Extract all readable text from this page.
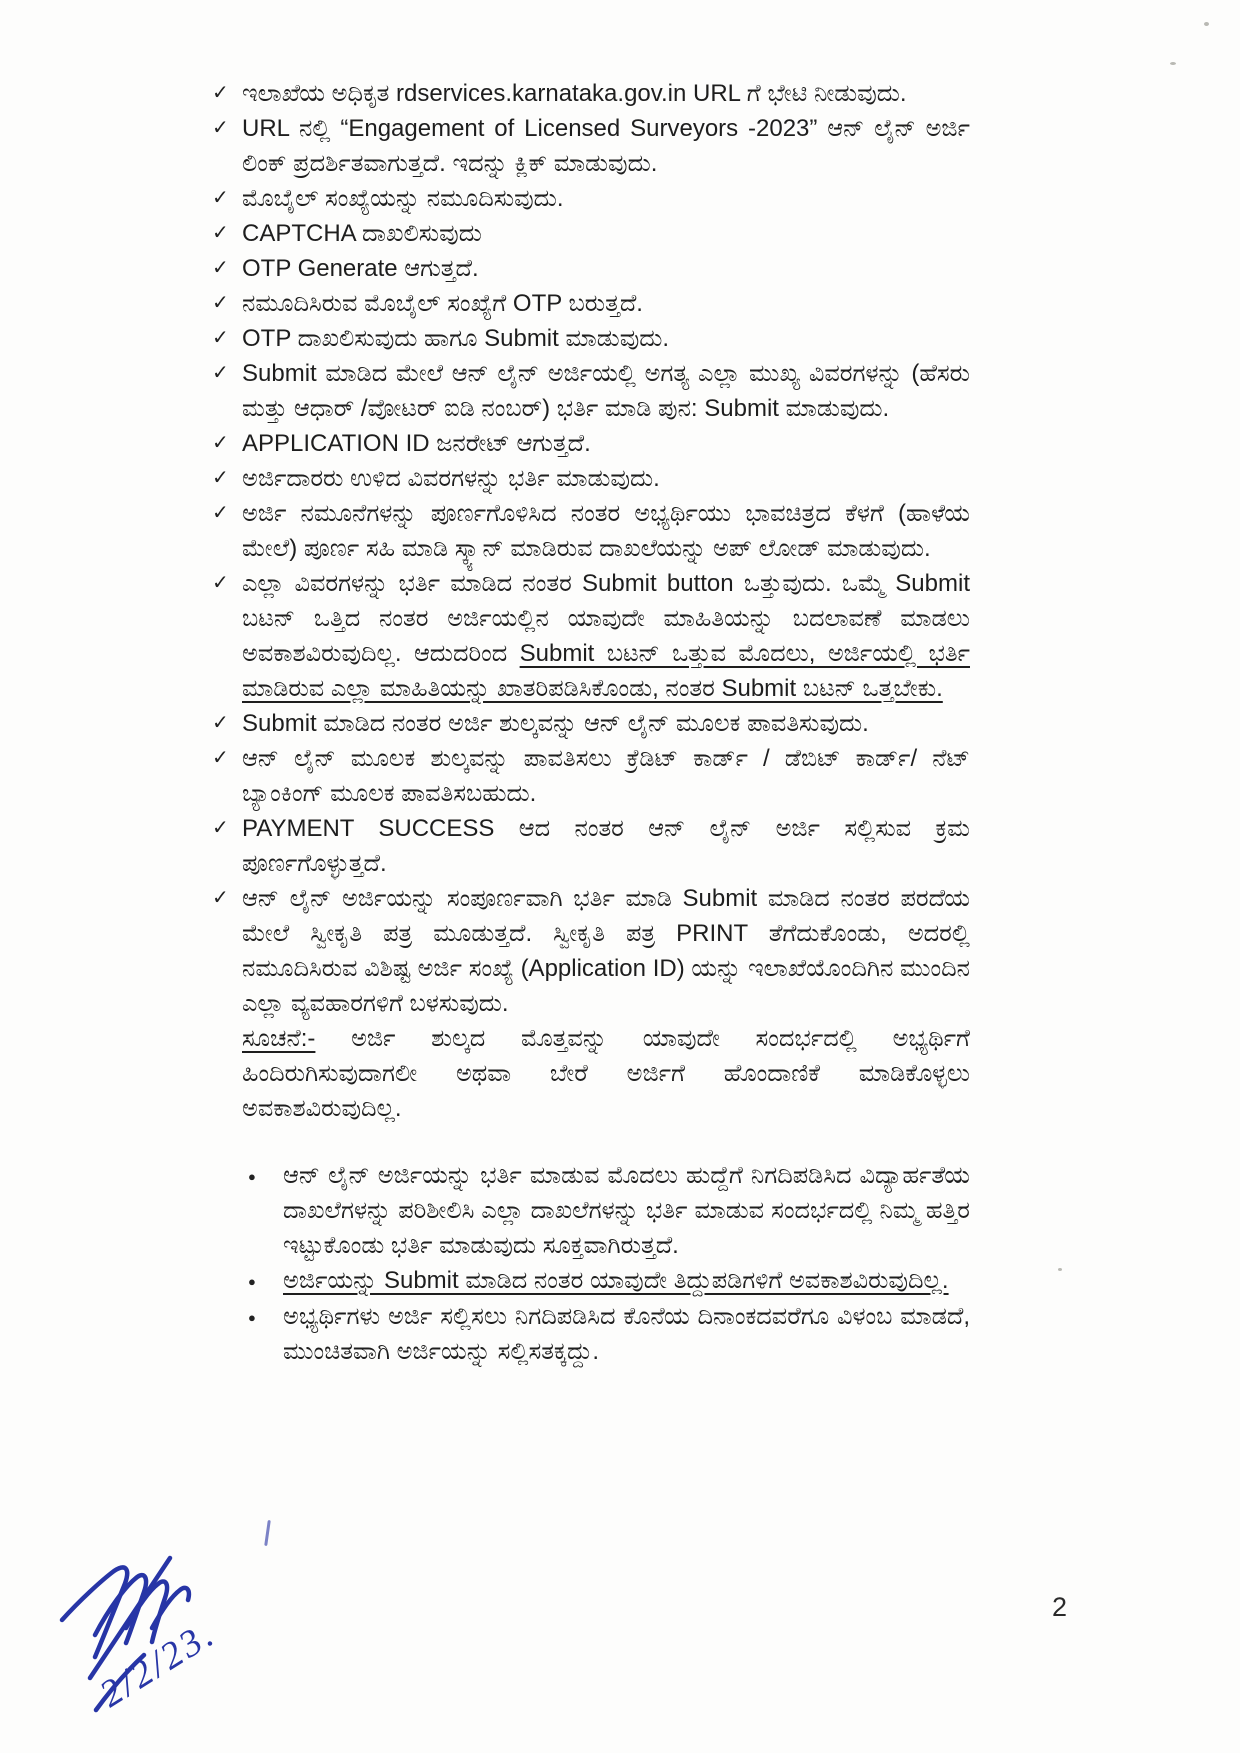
✓ ಇಲಾಖೆಯ ಅಧಿಕೃತ rdservices.karnataka.gov.in URL ಗೆ ಭೇಟಿ ನೀಡುವುದು.
✓ URL ನಲ್ಲಿ “Engagement of Licensed Surveyors -2023” ಆನ್ ಲೈನ್ ಅರ್ಜಿ ಲಿಂಕ್ ಪ್ರದರ್ಶಿತವಾಗುತ್ತದೆ. ಇದನ್ನು ಕ್ಲಿಕ್ ಮಾಡುವುದು.
✓ ಮೊಬೈಲ್ ಸಂಖ್ಯೆಯನ್ನು ನಮೂದಿಸುವುದು.
✓ CAPTCHA ದಾಖಲಿಸುವುದು
✓ OTP Generate ಆಗುತ್ತದೆ.
✓ ನಮೂದಿಸಿರುವ ಮೊಬೈಲ್ ಸಂಖ್ಯೆಗೆ OTP ಬರುತ್ತದೆ.
✓ OTP ದಾಖಲಿಸುವುದು ಹಾಗೂ Submit ಮಾಡುವುದು.
✓ Submit ಮಾಡಿದ ಮೇಲೆ ಆನ್ ಲೈನ್ ಅರ್ಜಿಯಲ್ಲಿ ಅಗತ್ಯ ಎಲ್ಲಾ ಮುಖ್ಯ ವಿವರಗಳನ್ನು (ಹೆಸರು ಮತ್ತು ಆಧಾರ್ /ವೋಟರ್ ಐಡಿ ನಂಬರ್) ಭರ್ತಿ ಮಾಡಿ ಪುನ: Submit ಮಾಡುವುದು.
✓ APPLICATION ID ಜನರೇಟ್ ಆಗುತ್ತದೆ.
✓ ಅರ್ಜಿದಾರರು ಉಳಿದ ವಿವರಗಳನ್ನು ಭರ್ತಿ ಮಾಡುವುದು.
✓ ಅರ್ಜಿ ನಮೂನೆಗಳನ್ನು ಪೂರ್ಣಗೊಳಿಸಿದ ನಂತರ ಅಭ್ಯರ್ಥಿಯು ಭಾವಚಿತ್ರದ ಕೆಳಗೆ (ಹಾಳೆಯ ಮೇಲೆ) ಪೂರ್ಣ ಸಹಿ ಮಾಡಿ ಸ್ಕ್ಯಾನ್ ಮಾಡಿರುವ ದಾಖಲೆಯನ್ನು ಅಪ್ ಲೋಡ್ ಮಾಡುವುದು.
✓ ಎಲ್ಲಾ ವಿವರಗಳನ್ನು ಭರ್ತಿ ಮಾಡಿದ ನಂತರ Submit button ಒತ್ತುವುದು. ಒಮ್ಮೆ Submit ಬಟನ್ ಒತ್ತಿದ ನಂತರ ಅರ್ಜಿಯಲ್ಲಿನ ಯಾವುದೇ ಮಾಹಿತಿಯನ್ನು ಬದಲಾವಣೆ ಮಾಡಲು ಅವಕಾಶವಿರುವುದಿಲ್ಲ. ಆದುದರಿಂದ Submit ಬಟನ್ ಒತ್ತುವ ಮೊದಲು, ಅರ್ಜಿಯಲ್ಲಿ ಭರ್ತಿ ಮಾಡಿರುವ ಎಲ್ಲಾ ಮಾಹಿತಿಯನ್ನು ಖಾತರಿಪಡಿಸಿಕೊಂಡು, ನಂತರ Submit ಬಟನ್ ಒತ್ತಬೇಕು.
✓ Submit ಮಾಡಿದ ನಂತರ ಅರ್ಜಿ ಶುಲ್ಕವನ್ನು ಆನ್ ಲೈನ್ ಮೂಲಕ ಪಾವತಿಸುವುದು.
✓ ಆನ್ ಲೈನ್ ಮೂಲಕ ಶುಲ್ಕವನ್ನು ಪಾವತಿಸಲು ಕ್ರೆಡಿಟ್ ಕಾರ್ಡ್ / ಡೆಬಿಟ್ ಕಾರ್ಡ್/ ನೆಟ್ ಬ್ಯಾಂಕಿಂಗ್ ಮೂಲಕ ಪಾವತಿಸಬಹುದು.
✓ PAYMENT SUCCESS ಆದ ನಂತರ ಆನ್ ಲೈನ್ ಅರ್ಜಿ ಸಲ್ಲಿಸುವ ಕ್ರಮ ಪೂರ್ಣಗೊಳ್ಳುತ್ತದೆ.
✓ ಆನ್ ಲೈನ್ ಅರ್ಜಿಯನ್ನು ಸಂಪೂರ್ಣವಾಗಿ ಭರ್ತಿ ಮಾಡಿ Submit ಮಾಡಿದ ನಂತರ ಪರದೆಯ ಮೇಲೆ ಸ್ವೀಕೃತಿ ಪತ್ರ ಮೂಡುತ್ತದೆ. ಸ್ವೀಕೃತಿ ಪತ್ರ PRINT ತೆಗೆದುಕೊಂಡು, ಅದರಲ್ಲಿ ನಮೂದಿಸಿರುವ ವಿಶಿಷ್ಟ ಅರ್ಜಿ ಸಂಖ್ಯೆ (Application ID) ಯನ್ನು ಇಲಾಖೆಯೊಂದಿಗಿನ ಮುಂದಿನ ಎಲ್ಲಾ ವ್ಯವಹಾರಗಳಿಗೆ ಬಳಸುವುದು.
ಸೂಚನೆ:- ಅರ್ಜಿ ಶುಲ್ಕದ ಮೊತ್ತವನ್ನು ಯಾವುದೇ ಸಂದರ್ಭದಲ್ಲಿ ಅಭ್ಯರ್ಥಿಗೆ ಹಿಂದಿರುಗಿಸುವುದಾಗಲೀ ಅಥವಾ ಬೇರೆ ಅರ್ಜಿಗೆ ಹೊಂದಾಣಿಕೆ ಮಾಡಿಕೊಳ್ಳಲು ಅವಕಾಶವಿರುವುದಿಲ್ಲ.
●	ಆನ್ ಲೈನ್ ಅರ್ಜಿಯನ್ನು ಭರ್ತಿ ಮಾಡುವ ಮೊದಲು ಹುದ್ದೆಗೆ ನಿಗದಿಪಡಿಸಿದ ವಿದ್ಯಾರ್ಹತೆಯ ದಾಖಲೆಗಳನ್ನು ಪರಿಶೀಲಿಸಿ ಎಲ್ಲಾ ದಾಖಲೆಗಳನ್ನು ಭರ್ತಿ ಮಾಡುವ ಸಂದರ್ಭದಲ್ಲಿ ನಿಮ್ಮ ಹತ್ತಿರ ಇಟ್ಟುಕೊಂಡು ಭರ್ತಿ ಮಾಡುವುದು ಸೂಕ್ತವಾಗಿರುತ್ತದೆ.
●	ಅರ್ಜಿಯನ್ನು Submit ಮಾಡಿದ ನಂತರ ಯಾವುದೇ ತಿದ್ದುಪಡಿಗಳಿಗೆ ಅವಕಾಶವಿರುವುದಿಲ್ಲ.
●	ಅಭ್ಯರ್ಥಿಗಳು ಅರ್ಜಿ ಸಲ್ಲಿಸಲು ನಿಗದಿಪಡಿಸಿದ ಕೊನೆಯ ದಿನಾಂಕದವರೆಗೂ ವಿಳಂಬ ಮಾಡದೆ, ಮುಂಚಿತವಾಗಿ ಅರ್ಜಿಯನ್ನು ಸಲ್ಲಿಸತಕ್ಕದ್ದು.
2/2/23.
2
